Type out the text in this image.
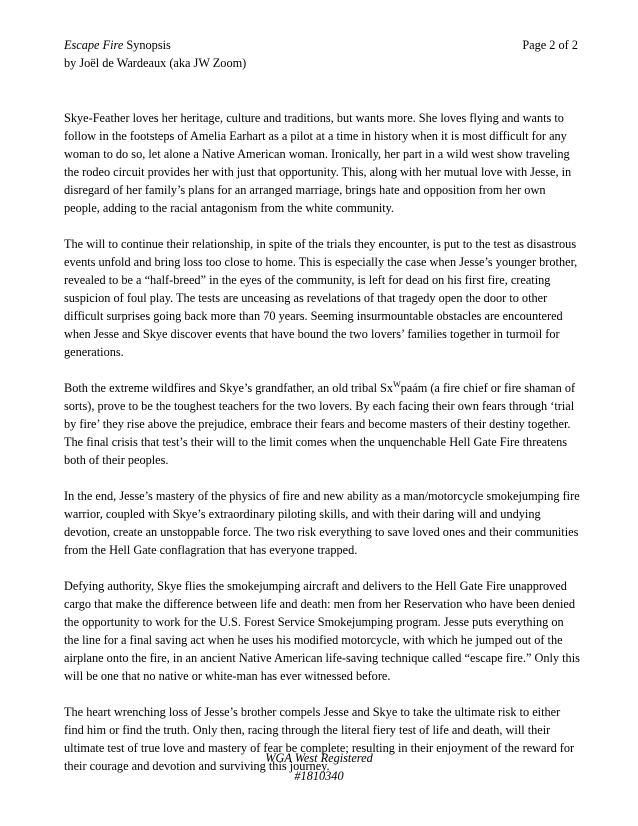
Escape Fire Synopsis	Page 2 of 2
by Joël de Wardeaux (aka JW Zoom)

Skye-Feather loves her heritage, culture and traditions, but wants more. She loves flying and wants to follow in the footsteps of Amelia Earhart as a pilot at a time in history when it is most difficult for any woman to do so, let alone a Native American woman. Ironically, her part in a wild west show traveling the rodeo circuit provides her with just that opportunity. This, along with her mutual love with Jesse, in disregard of her family’s plans for an arranged marriage, brings hate and opposition from her own people, adding to the racial antagonism from the white community.

The will to continue their relationship, in spite of the trials they encounter, is put to the test as disastrous events unfold and bring loss too close to home. This is especially the case when Jesse’s younger brother, revealed to be a “half-breed” in the eyes of the community, is left for dead on his first fire, creating suspicion of foul play. The tests are unceasing as revelations of that tragedy open the door to other difficult surprises going back more than 70 years. Seeming insurmountable obstacles are encountered when Jesse and Skye discover events that have bound the two lovers’ families together in turmoil for generations.

Both the extreme wildfires and Skye’s grandfather, an old tribal $Sx^Wpaám$ (a fire chief or fire shaman of sorts), prove to be the toughest teachers for the two lovers. By each facing their own fears through ‘trial by fire’ they rise above the prejudice, embrace their fears and become masters of their destiny together. The final crisis that test’s their will to the limit comes when the unquenchable Hell Gate Fire threatens both of their peoples.

In the end, Jesse’s mastery of the physics of fire and new ability as a man/motorcycle smokejumping fire warrior, coupled with Skye’s extraordinary piloting skills, and with their daring will and undying devotion, create an unstoppable force. The two risk everything to save loved ones and their communities from the Hell Gate conflagration that has everyone trapped.

Defying authority, Skye flies the smokejumping aircraft and delivers to the Hell Gate Fire unapproved cargo that make the difference between life and death: men from her Reservation who have been denied the opportunity to work for the U.S. Forest Service Smokejumping program. Jesse puts everything on the line for a final saving act when he uses his modified motorcycle, with which he jumped out of the airplane onto the fire, in an ancient Native American life-saving technique called “escape fire.” Only this will be one that no native or white-man has ever witnessed before.

The heart wrenching loss of Jesse’s brother compels Jesse and Skye to take the ultimate risk to either find him or find the truth. Only then, racing through the literal fiery test of life and death, will their ultimate test of true love and mastery of fear be complete; resulting in their enjoyment of the reward for their courage and devotion and surviving this journey.

WGA West Registered
#1810340
